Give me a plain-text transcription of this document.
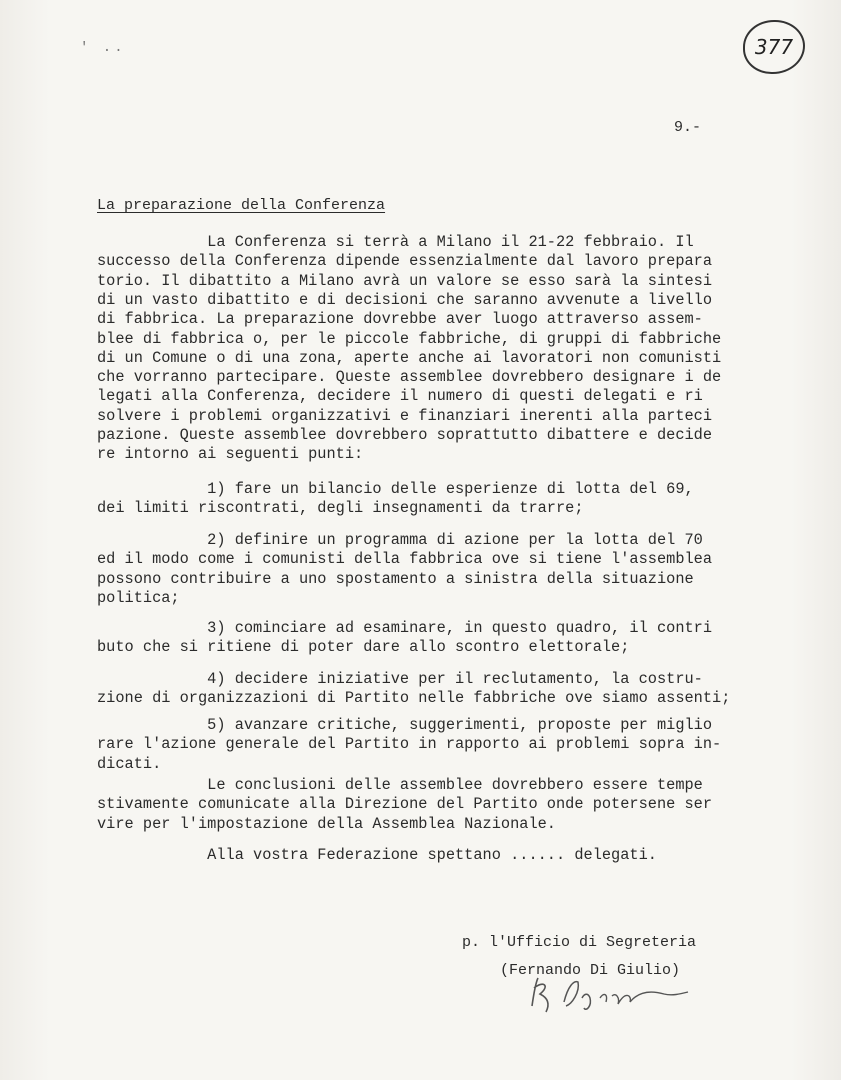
' ..	377
9.-
La preparazione della Conferenza
La Conferenza si terrà a Milano il 21-22 febbraio. Il
successo della Conferenza dipende essenzialmente dal lavoro prepara
torio. Il dibattito a Milano avrà un valore se esso sarà la sintesi
di un vasto dibattito e di decisioni che saranno avvenute a livello
di fabbrica. La preparazione dovrebbe aver luogo attraverso assem-
blee di fabbrica o, per le piccole fabbriche, di gruppi di fabbriche
di un Comune o di una zona, aperte anche ai lavoratori non comunisti
che vorranno partecipare. Queste assemblee dovrebbero designare i de
legati alla Conferenza, decidere il numero di questi delegati e ri
solvere i problemi organizzativi e finanziari inerenti alla parteci
pazione. Queste assemblee dovrebbero soprattutto dibattere e decide
re intorno ai seguenti punti:
1) fare un bilancio delle esperienze di lotta del 69,
dei limiti riscontrati, degli insegnamenti da trarre;
2) definire un programma di azione per la lotta del 70
ed il modo come i comunisti della fabbrica ove si tiene l'assemblea
possono contribuire a uno spostamento a sinistra della situazione
politica;
3) cominciare ad esaminare, in questo quadro, il contri
buto che si ritiene di poter dare allo scontro elettorale;
4) decidere iniziative per il reclutamento, la costru-
zione di organizzazioni di Partito nelle fabbriche ove siamo assenti;
5) avanzare critiche, suggerimenti, proposte per miglio
rare l'azione generale del Partito in rapporto ai problemi sopra in-
dicati.
Le conclusioni delle assemblee dovrebbero essere tempe
stivamente comunicate alla Direzione del Partito onde potersene ser
vire per l'impostazione della Assemblea Nazionale.
Alla vostra Federazione spettano ...... delegati.
p. l'Ufficio di Segreteria
(Fernando Di Giulio)
